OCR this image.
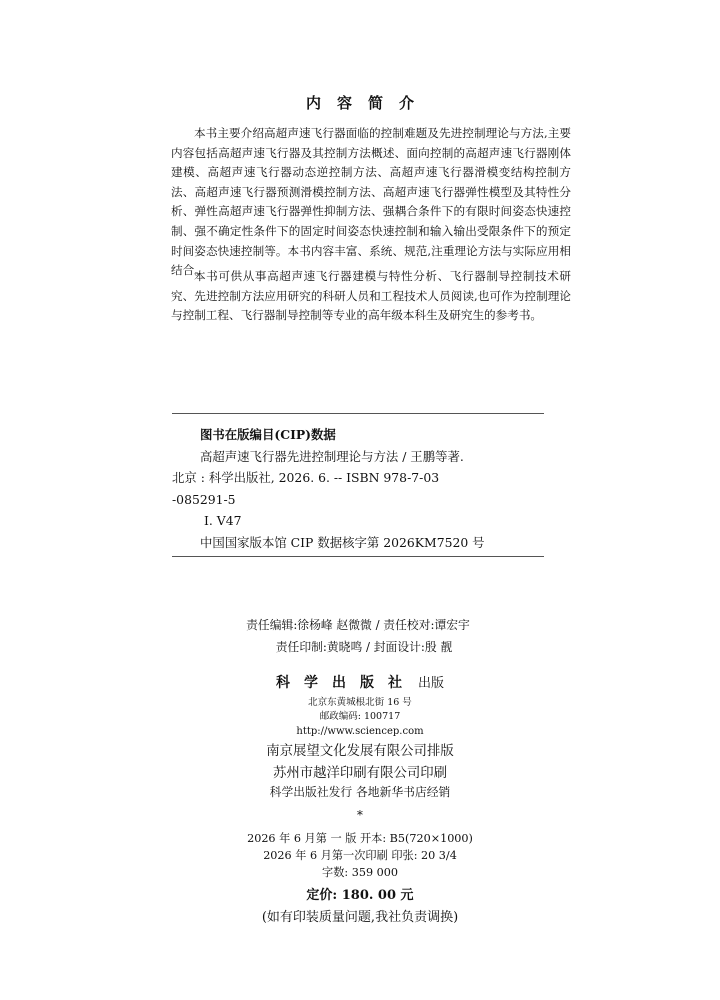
内容简介

本书主要介绍高超声速飞行器面临的控制难题及先进控制理论与方法,主要内容包括高超声速飞行器及其控制方法概述、面向控制的高超声速飞行器刚体建模、高超声速飞行器动态逆控制方法、高超声速飞行器滑模变结构控制方法、高超声速飞行器预测滑模控制方法、高超声速飞行器弹性模型及其特性分析、弹性高超声速飞行器弹性抑制方法、强耦合条件下的有限时间姿态快速控制、强不确定性条件下的固定时间姿态快速控制和输入输出受限条件下的预定时间姿态快速控制等。本书内容丰富、系统、规范,注重理论方法与实际应用相结合。

本书可供从事高超声速飞行器建模与特性分析、飞行器制导控制技术研究、先进控制方法应用研究的科研人员和工程技术人员阅读,也可作为控制理论与控制工程、飞行器制导控制等专业的高年级本科生及研究生的参考书。

图书在版编目(CIP)数据
高超声速飞行器先进控制理论与方法 / 王鹏等著.
北京 : 科学出版社, 2026. 6. -- ISBN 978-7-03
-085291-5
Ⅰ. V47
中国国家版本馆 CIP 数据核字第 2026KM7520 号
责任编辑:徐杨峰 赵微微 / 责任校对:谭宏宇
责任印制:黄晓鸣 / 封面设计:殷 靓
科学出版社 出版
北京东黄城根北街 16 号
邮政编码: 100717
http://www.sciencep.com
南京展望文化发展有限公司排版
苏州市越洋印刷有限公司印刷
科学出版社发行 各地新华书店经销
*
2026 年 6 月第 一 版 开本: B5(720×1000)
2026 年 6 月第一次印刷 印张: 20 3/4
字数: 359 000
定价: 180. 00 元
(如有印装质量问题,我社负责调换)
